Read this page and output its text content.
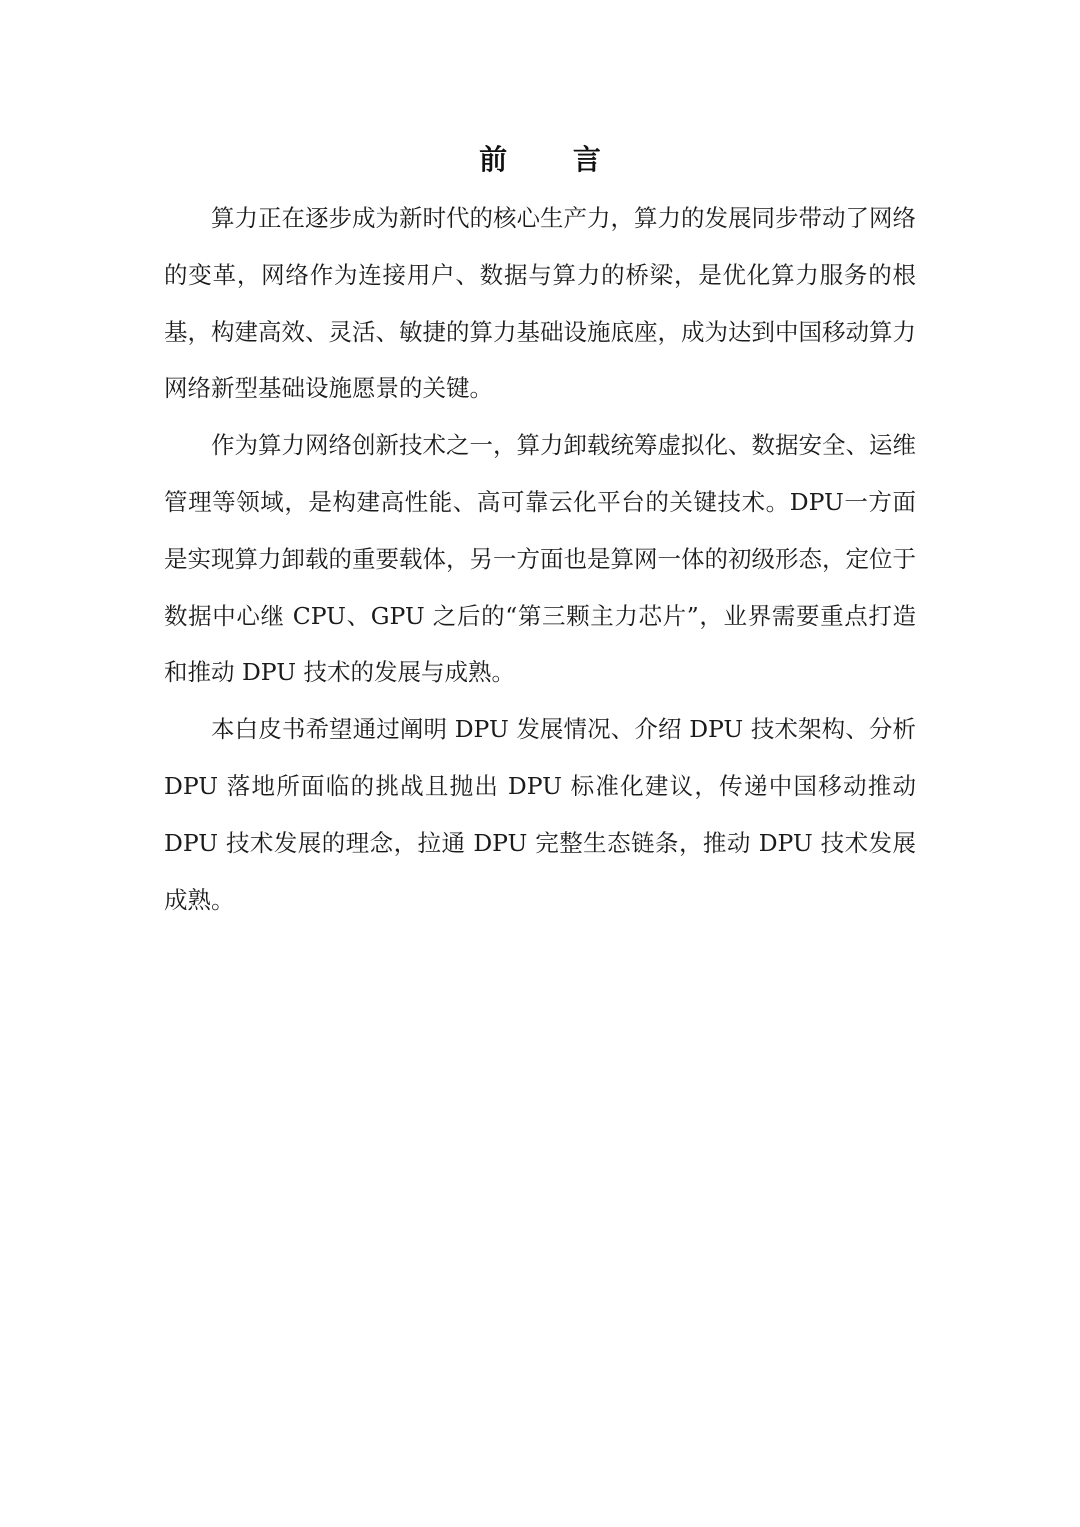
前 言

算力正在逐步成为新时代的核心生产力，算力的发展同步带动了网络的变革，网络作为连接用户、数据与算力的桥梁，是优化算力服务的根基，构建高效、灵活、敏捷的算力基础设施底座，成为达到中国移动算力网络新型基础设施愿景的关键。

作为算力网络创新技术之一，算力卸载统筹虚拟化、数据安全、运维管理等领域，是构建高性能、高可靠云化平台的关键技术。DPU一方面是实现算力卸载的重要载体，另一方面也是算网一体的初级形态，定位于数据中心继 CPU、GPU 之后的“第三颗主力芯片”，业界需要重点打造和推动 DPU 技术的发展与成熟。

本白皮书希望通过阐明 DPU 发展情况、介绍 DPU 技术架构、分析 DPU 落地所面临的挑战且抛出 DPU 标准化建议，传递中国移动推动 DPU 技术发展的理念，拉通 DPU 完整生态链条，推动 DPU 技术发展成熟。
